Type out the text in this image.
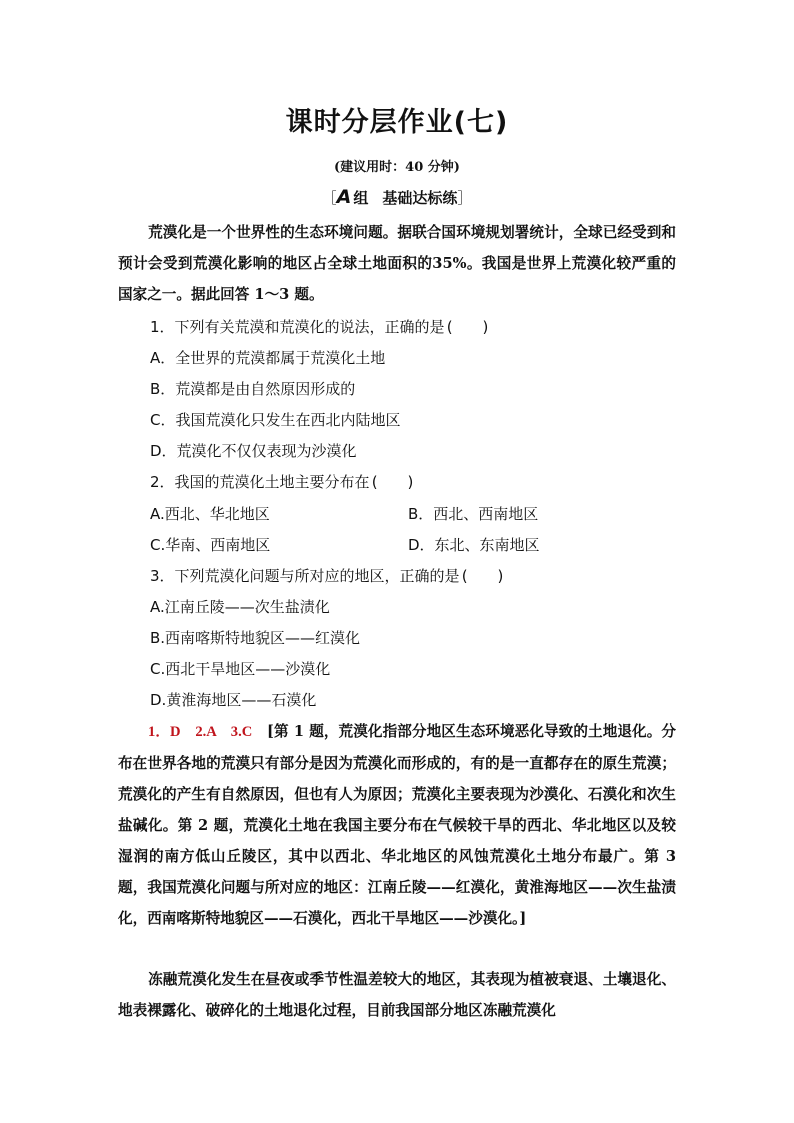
课时分层作业(七)
(建议用时：40 分钟)
［A 组 基础达标练］
荒漠化是一个世界性的生态环境问题。据联合国环境规划署统计，全球已经受到和预计会受到荒漠化影响的地区占全球土地面积的35%。我国是世界上荒漠化较严重的国家之一。据此回答 1～3 题。
1．下列有关荒漠和荒漠化的说法，正确的是 (　　)
A．全世界的荒漠都属于荒漠化土地
B．荒漠都是由自然原因形成的
C．我国荒漠化只发生在西北内陆地区
D．荒漠化不仅仅表现为沙漠化
2．我国的荒漠化土地主要分布在 (　　)
A.西北、华北地区	B．西北、西南地区
C.华南、西南地区	D．东北、东南地区
3．下列荒漠化问题与所对应的地区，正确的是 (　　)
A.江南丘陵——次生盐渍化
B.西南喀斯特地貌区——红漠化
C.西北干旱地区——沙漠化
D.黄淮海地区——石漠化
1．D　2.A　3.C　 [第 1 题，荒漠化指部分地区生态环境恶化导致的土地退化。分布在世界各地的荒漠只有部分是因为荒漠化而形成的，有的是一直都存在的原生荒漠；荒漠化的产生有自然原因，但也有人为原因；荒漠化主要表现为沙漠化、石漠化和次生盐碱化。第 2 题，荒漠化土地在我国主要分布在气候较干旱的西北、华北地区以及较湿润的南方低山丘陵区，其中以西北、华北地区的风蚀荒漠化土地分布最广。第 3 题，我国荒漠化问题与所对应的地区：江南丘陵——红漠化，黄淮海地区——次生盐渍化，西南喀斯特地貌区——石漠化，西北干旱地区——沙漠化。]
冻融荒漠化发生在昼夜或季节性温差较大的地区，其表现为植被衰退、土壤退化、地表裸露化、破碎化的土地退化过程，目前我国部分地区冻融荒漠化
